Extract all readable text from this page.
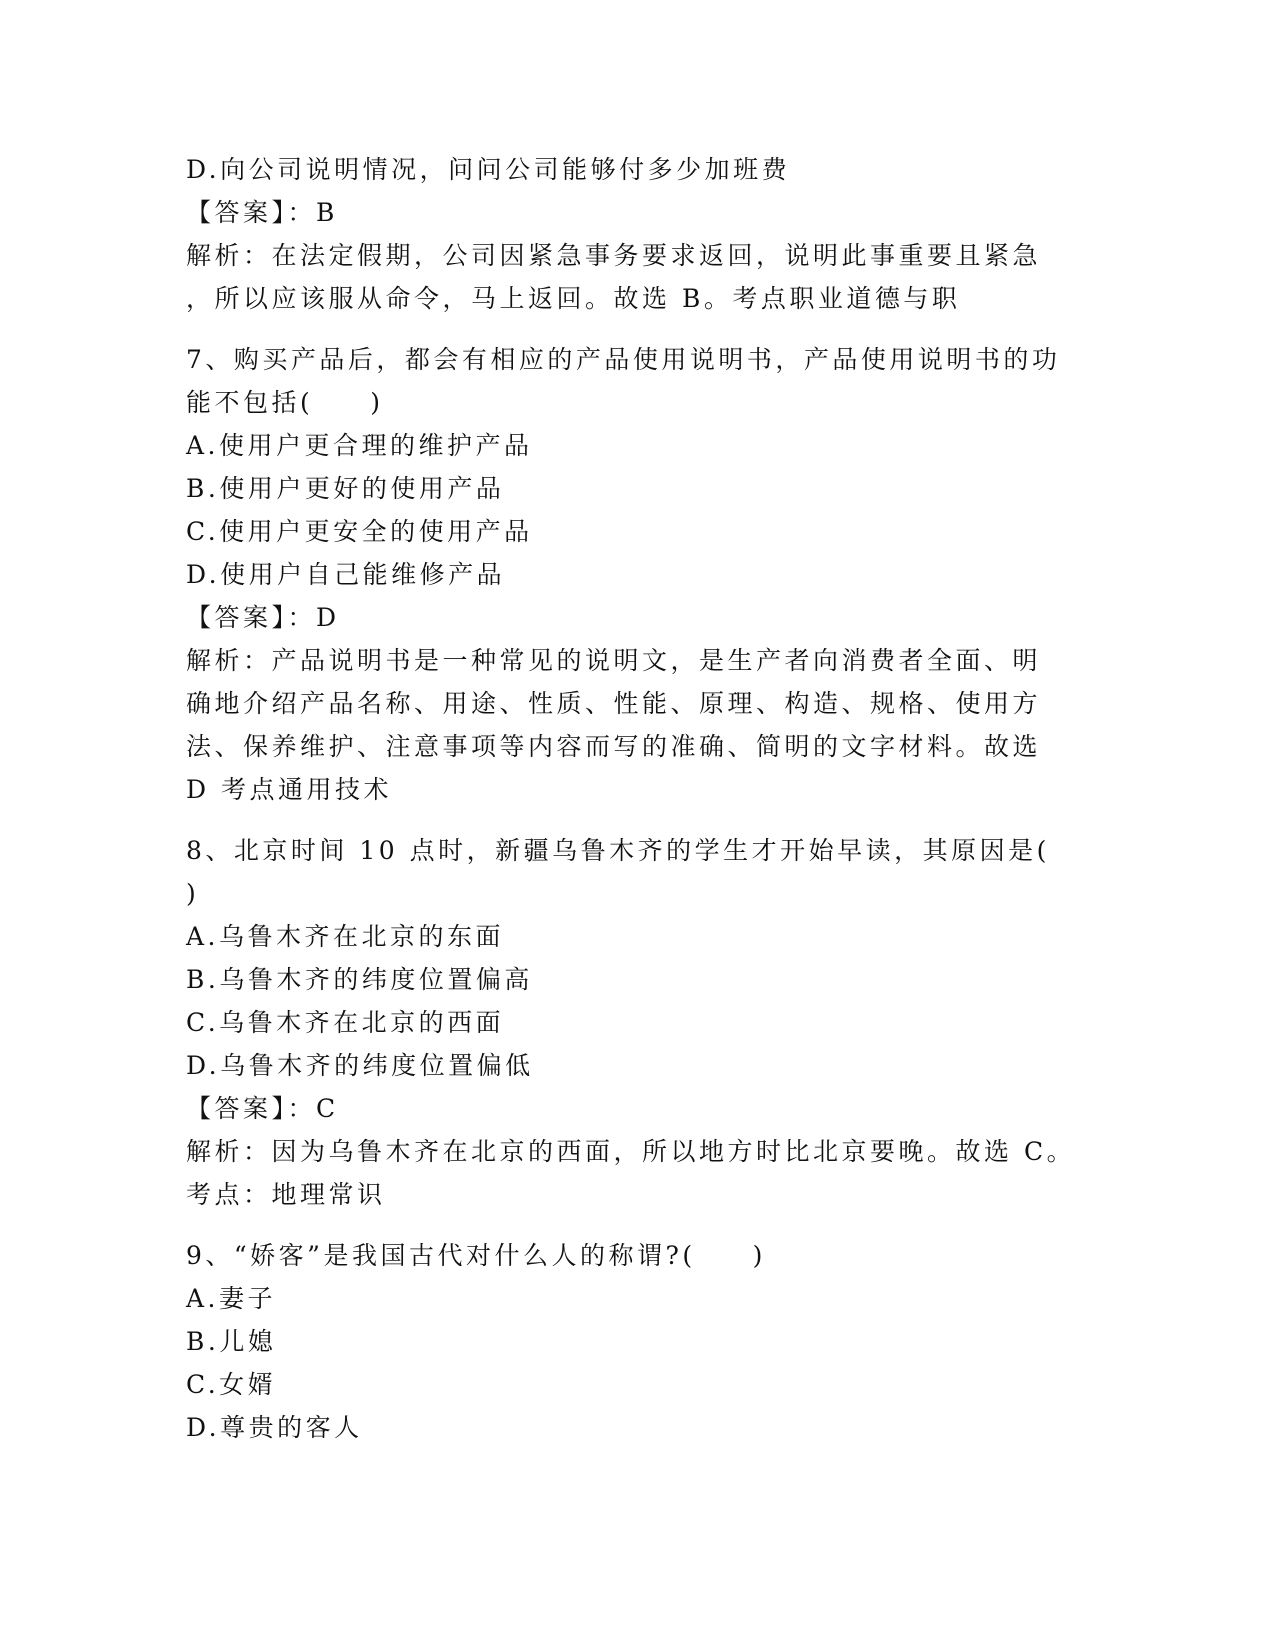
D.向公司说明情况，问问公司能够付多少加班费
【答案】：B
解析：在法定假期，公司因紧急事务要求返回，说明此事重要且紧急
，所以应该服从命令，马上返回。故选 B。考点职业道德与职
7、购买产品后，都会有相应的产品使用说明书，产品使用说明书的功
能不包括(　　)
A.使用户更合理的维护产品
B.使用户更好的使用产品
C.使用户更安全的使用产品
D.使用户自己能维修产品
【答案】：D
解析：产品说明书是一种常见的说明文，是生产者向消费者全面、明
确地介绍产品名称、用途、性质、性能、原理、构造、规格、使用方
法、保养维护、注意事项等内容而写的准确、简明的文字材料。故选
D 考点通用技术
8、北京时间 10 点时，新疆乌鲁木齐的学生才开始早读，其原因是(
)
A.乌鲁木齐在北京的东面
B.乌鲁木齐的纬度位置偏高
C.乌鲁木齐在北京的西面
D.乌鲁木齐的纬度位置偏低
【答案】：C
解析：因为乌鲁木齐在北京的西面，所以地方时比北京要晚。故选 C。
考点：地理常识
9、“娇客”是我国古代对什么人的称谓?(　　)
A.妻子
B.儿媳
C.女婿
D.尊贵的客人
